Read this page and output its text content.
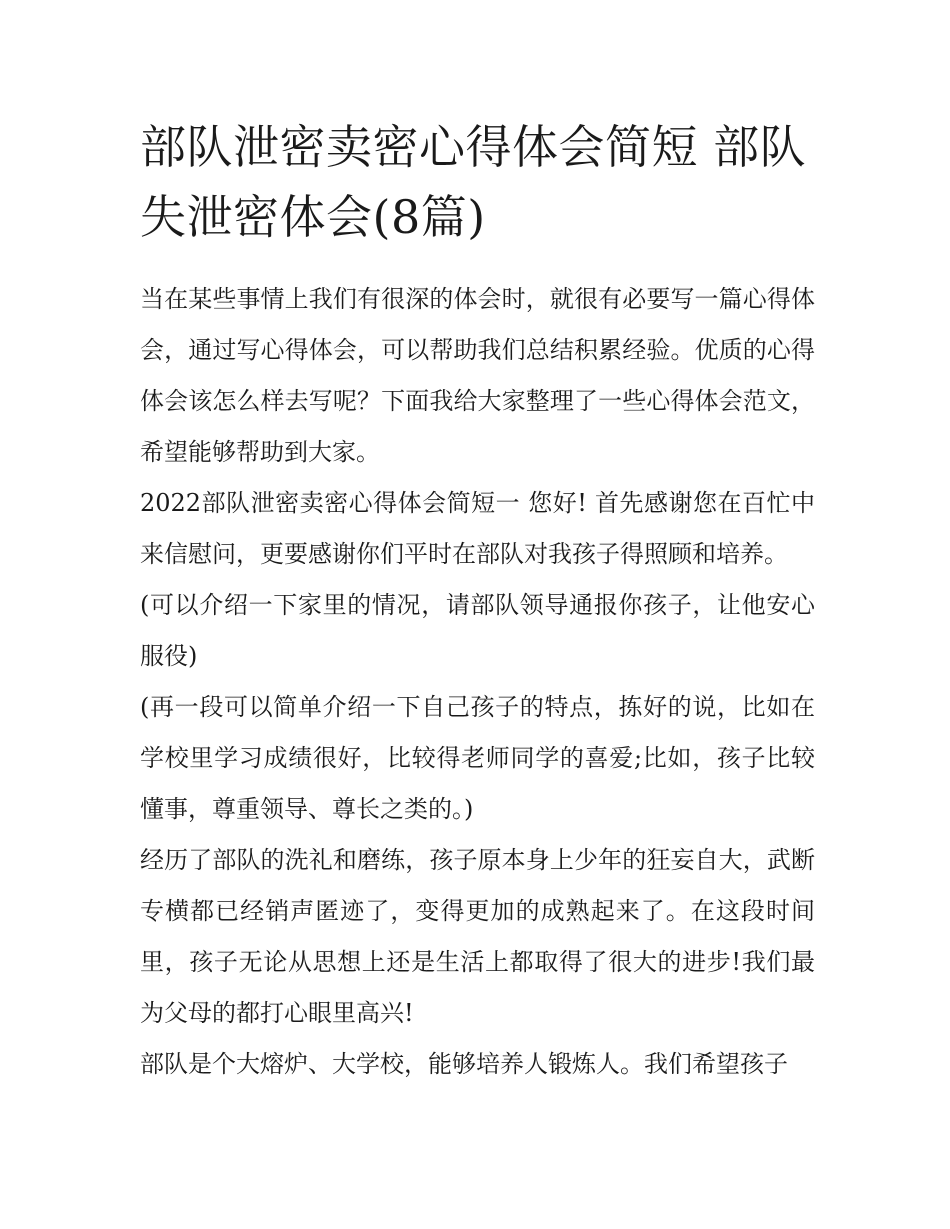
部队泄密卖密心得体会简短 部队失泄密体会(8篇)

当在某些事情上我们有很深的体会时，就很有必要写一篇心得体会，通过写心得体会，可以帮助我们总结积累经验。优质的心得体会该怎么样去写呢？下面我给大家整理了一些心得体会范文，希望能够帮助到大家。

2022部队泄密卖密心得体会简短一 您好! 首先感谢您在百忙中来信慰问，更要感谢你们平时在部队对我孩子得照顾和培养。

(可以介绍一下家里的情况，请部队领导通报你孩子，让他安心服役)

(再一段可以简单介绍一下自己孩子的特点，拣好的说，比如在学校里学习成绩很好，比较得老师同学的喜爱;比如，孩子比较懂事，尊重领导、尊长之类的。)

经历了部队的洗礼和磨练，孩子原本身上少年的狂妄自大，武断专横都已经销声匿迹了，变得更加的成熟起来了。在这段时间里，孩子无论从思想上还是生活上都取得了很大的进步!我们最为父母的都打心眼里高兴!

部队是个大熔炉、大学校，能够培养人锻炼人。我们希望孩子
